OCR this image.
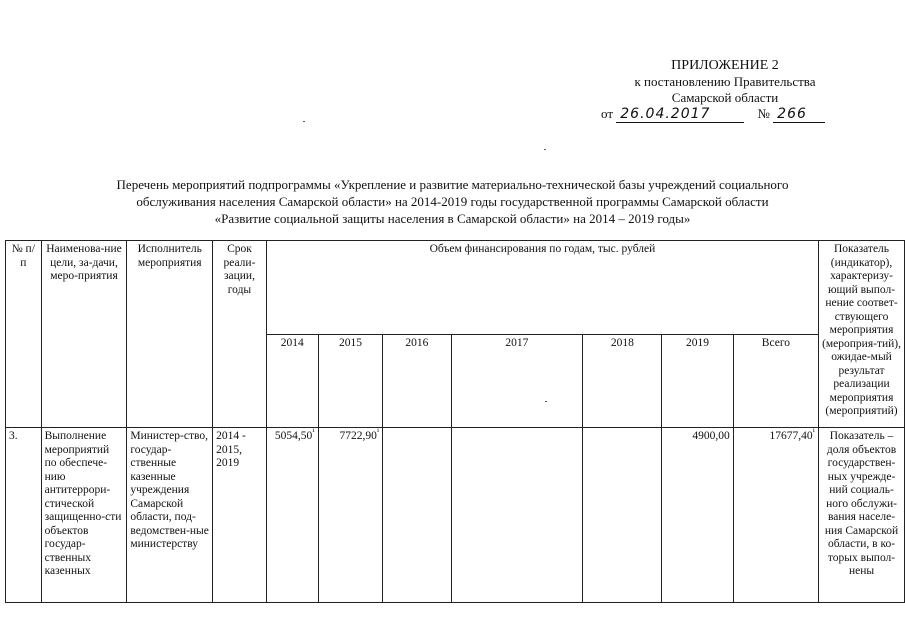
ПРИЛОЖЕНИЕ 2
к постановлению Правительства
Самарской области
от 26.04.2017	№ 266
Перечень мероприятий подпрограммы «Укрепление и развитие материально-технической базы учреждений социального
обслуживания населения Самарской области» на 2014-2019 годы государственной программы Самарской области
«Развитие социальной защиты населения в Самарской области» на 2014 – 2019 годы»
№ п/п	Наименова-ние цели, за-дачи, меро-приятия	Исполнитель мероприятия	Срок реали-зации, годы	Объем финансирования по годам, тыс. рублей							Показатель (индикатор), характеризу-ющий выпол-нение соответ-ствующего мероприятия (мероприя-тий), ожидае-мый результат реализации мероприятия (мероприятий)
				2014	2015	2016	2017	2018	2019	Всего	
3.	Выполнение мероприятий по обеспече-нию антитеррори-стической защищенно-сти объектов государ-ственных казенных	Министер-ство, государ-ственные казенные учреждения Самарской области, под-ведомствен-ные министерству	2014 - 2015, 2019	$5054,50^{^1}$	$7722,90^{^1}$				4900,00	$17677,40^{^1}$	Показатель – доля объектов государствен-ных учрежде-ний социаль-ного обслужи-вания населе-ния Самарской области, в ко-торых выпол-нены
